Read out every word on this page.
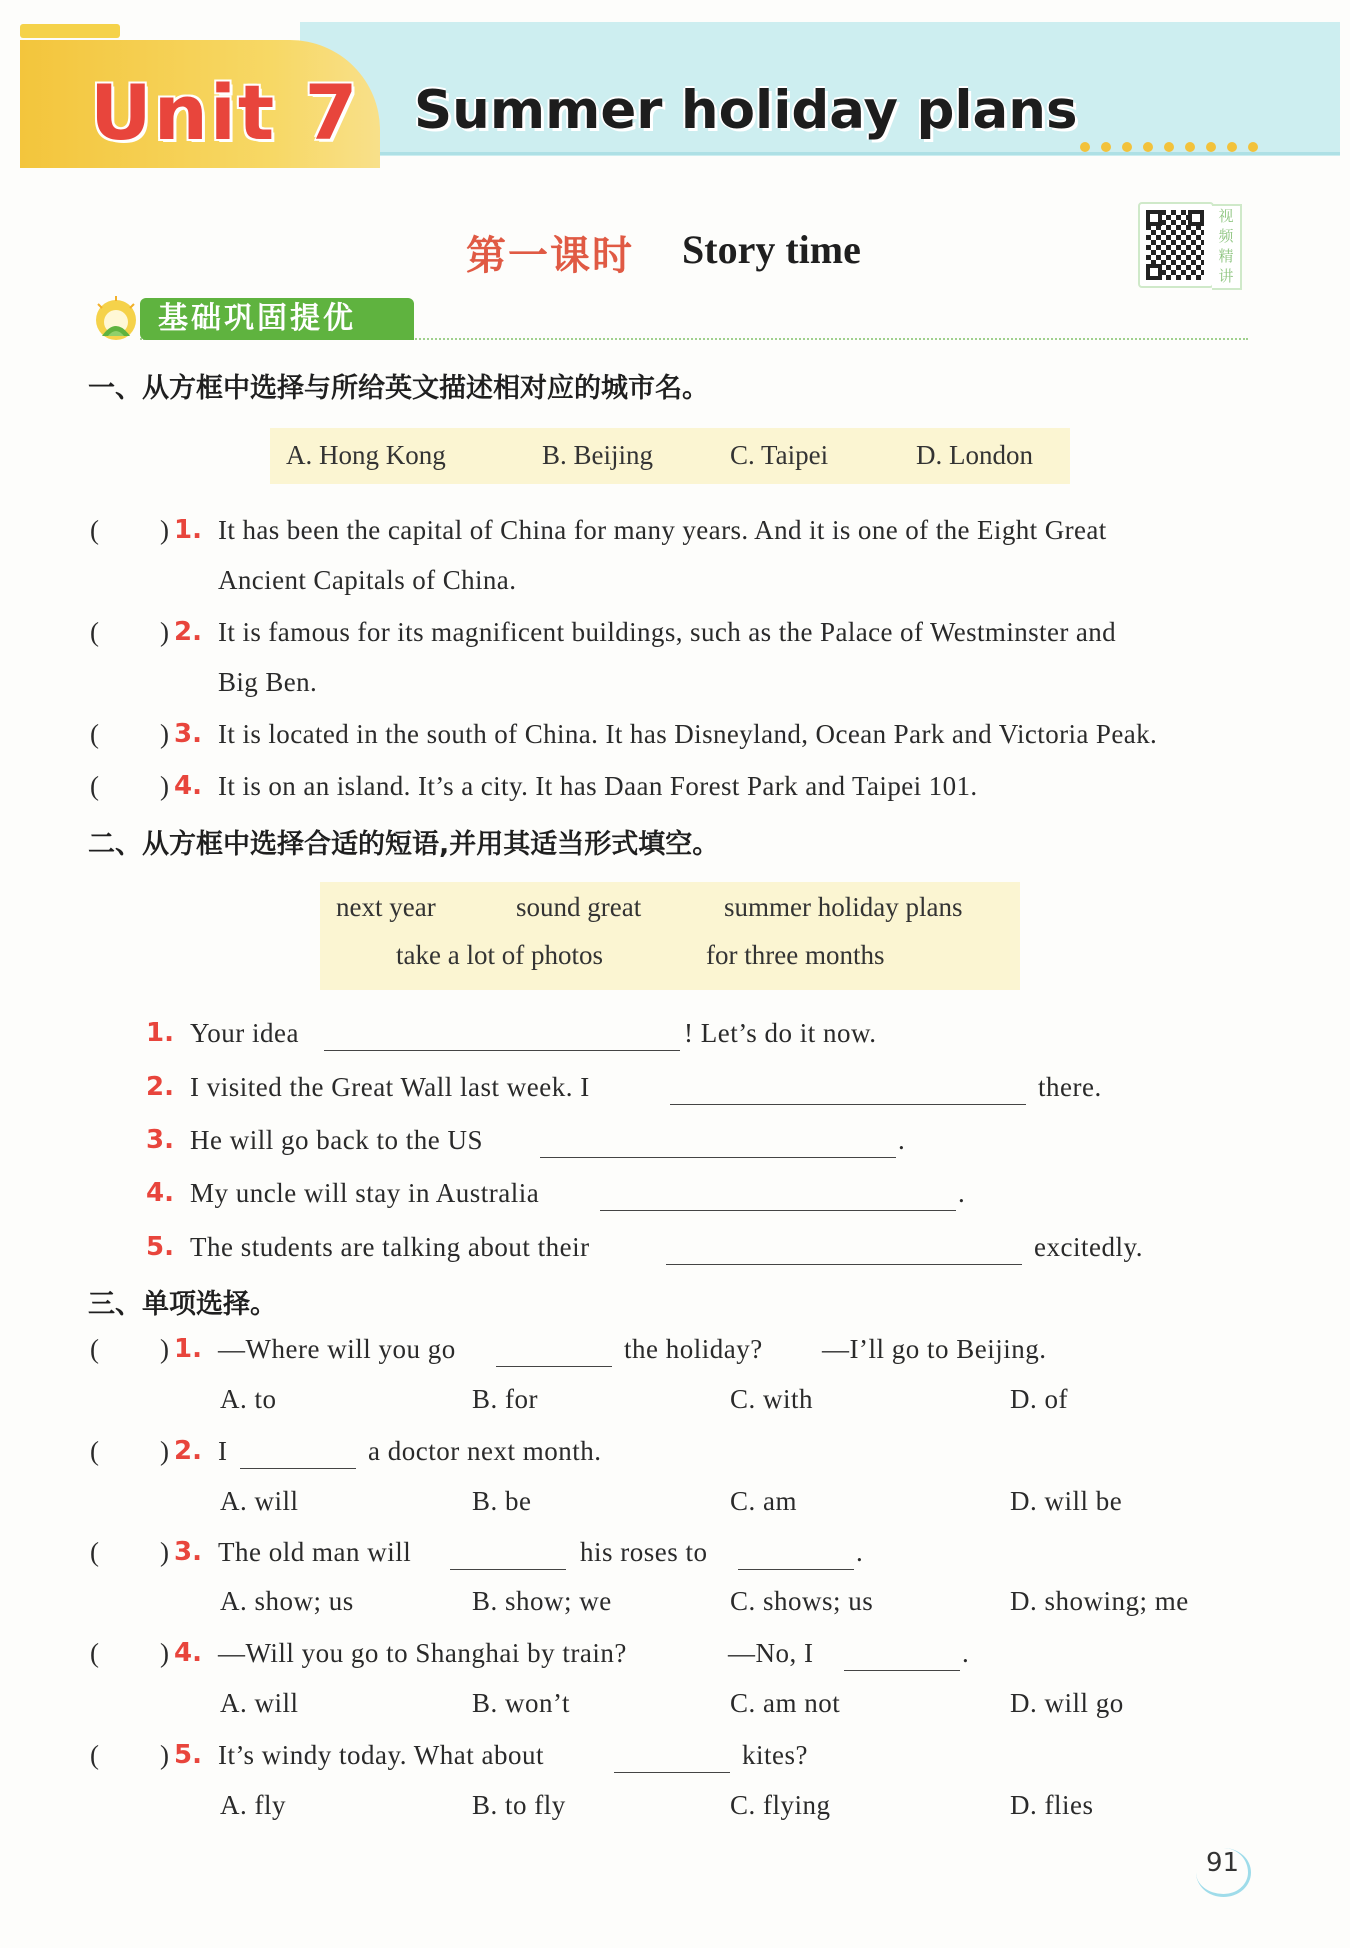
Unit 7 Summer holiday plans
第一课时 Story time
视
频
精
讲
基础巩固提优
一、从方框中选择与所给英文描述相对应的城市名。
A. Hong Kong	B. Beijing	C. Taipei	D. London
( ) 1. It has been the capital of China for many years. And it is one of the Eight Great
Ancient Capitals of China.
( ) 2. It is famous for its magnificent buildings, such as the Palace of Westminster and
Big Ben.
( ) 3. It is located in the south of China. It has Disneyland, Ocean Park and Victoria Peak.
( ) 4. It is on an island. It’s a city. It has Daan Forest Park and Taipei 101.
二、从方框中选择合适的短语,并用其适当形式填空。
next year	sound great	summer holiday plans
take a lot of photos	for three months
1. Your idea	! Let’s do it now.
2. I visited the Great Wall last week. I	there.
3. He will go back to the US	.
4. My uncle will stay in Australia	.
5. The students are talking about their	excitedly.
三、单项选择。
( ) 1. —Where will you go	the holiday? —I’ll go to Beijing.
A. to	B. for	C. with	D. of
( ) 2. I	a doctor next month.
A. will	B. be	C. am	D. will be
( ) 3. The old man will	his roses to	.
A. show; us	B. show; we	C. shows; us	D. showing; me
( ) 4. —Will you go to Shanghai by train?	—No, I	.
A. will	B. won’t	C. am not	D. will go
( ) 5. It’s windy today. What about	kites?
A. fly	B. to fly	C. flying	D. flies
91
